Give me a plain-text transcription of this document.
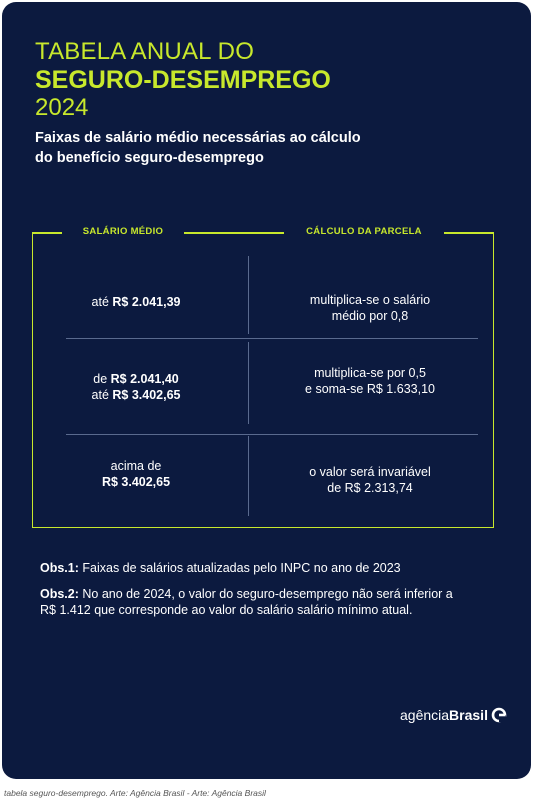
TABELA ANUAL DO
SEGURO-DESEMPREGO
2024
Faixas de salário médio necessárias ao cálculo
do benefício seguro-desemprego
SALÁRIO MÉDIO	CÁLCULO DA PARCELA
até R$ 2.041,39	multiplica-se o salário
médio por 0,8
de R$ 2.041,40
até R$ 3.402,65
multiplica-se por 0,5
e soma-se R$ 1.633,10
acima de
R$ 3.402,65
o valor será invariável
de R$ 2.313,74
Obs.1: Faixas de salários atualizadas pelo INPC no ano de 2023
Obs.2: No ano de 2024, o valor do seguro-desemprego não será inferior a
R$ 1.412 que corresponde ao valor do salário salário mínimo atual.
agência Brasil
tabela seguro-desemprego. Arte: Agência Brasil - Arte: Agência Brasil
